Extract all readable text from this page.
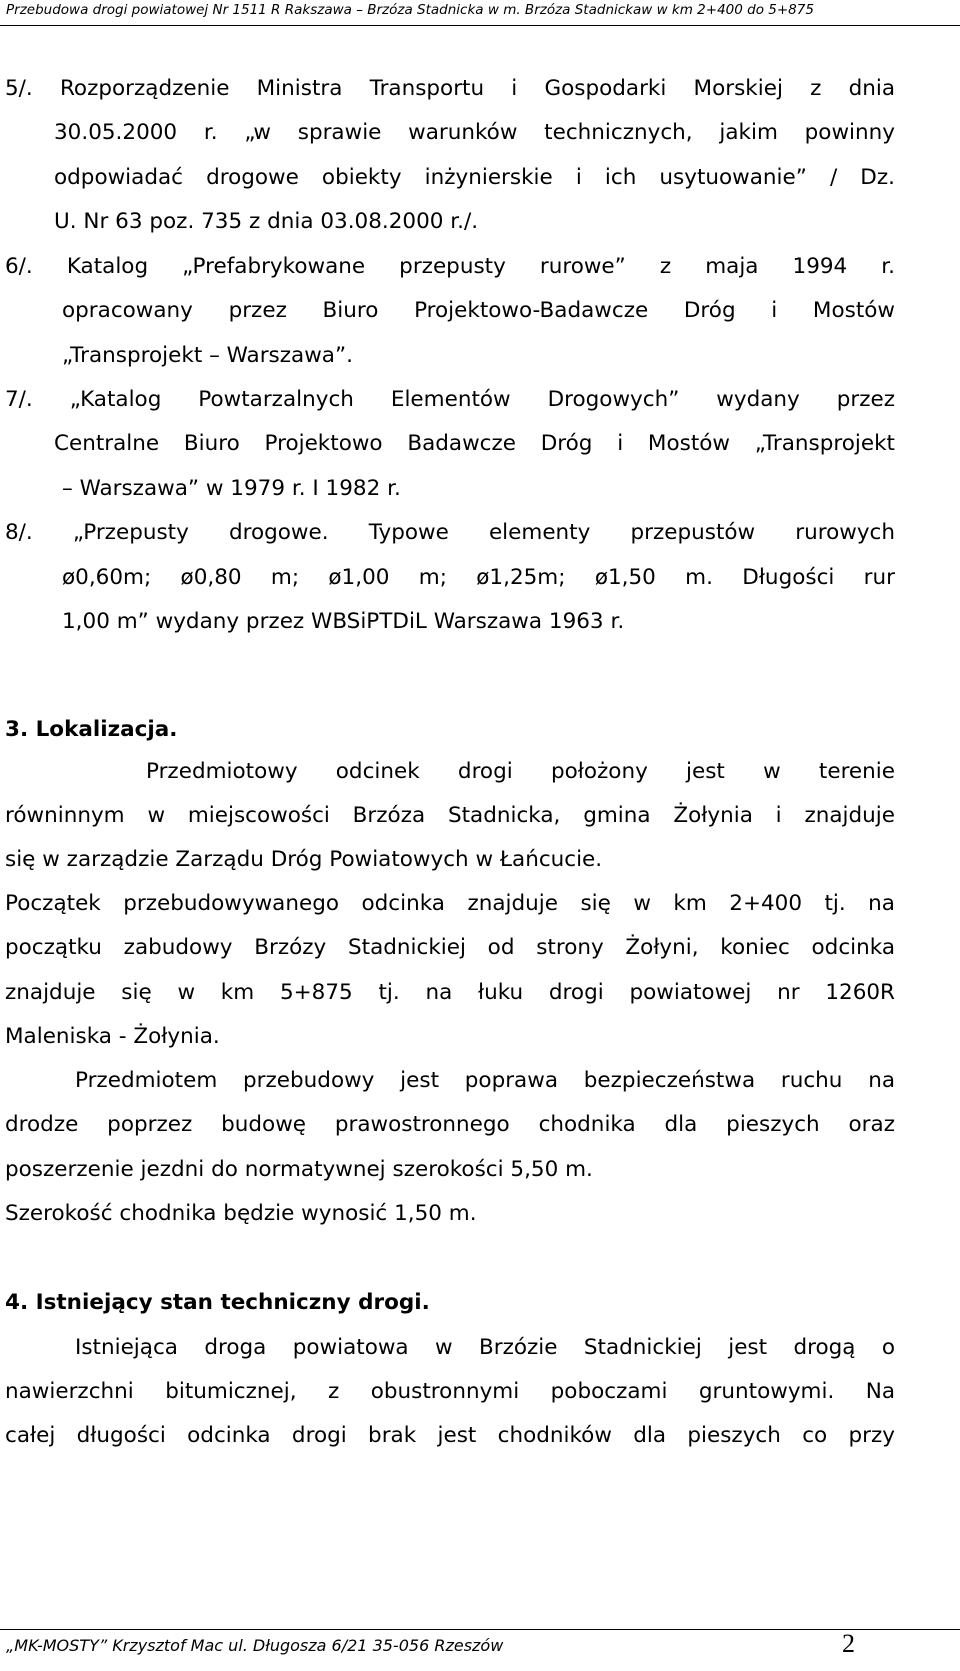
Przebudowa drogi powiatowej Nr 1511 R Rakszawa – Brzóza Stadnicka w m. Brzóza Stadnickaw w km 2+400 do 5+875
5/. Rozporządzenie Ministra Transportu i Gospodarki Morskiej z dnia
30.05.2000 r. „w sprawie warunków technicznych, jakim powinny
odpowiadać drogowe obiekty inżynierskie i ich usytuowanie” / Dz.
U. Nr 63 poz. 735 z dnia 03.08.2000 r./.
6/. Katalog „Prefabrykowane przepusty rurowe” z maja 1994 r.
opracowany przez Biuro Projektowo-Badawcze Dróg i Mostów
„Transprojekt – Warszawa”.
7/. „Katalog Powtarzalnych Elementów Drogowych” wydany przez
Centralne Biuro Projektowo Badawcze Dróg i Mostów „Transprojekt
– Warszawa” w 1979 r. I 1982 r.
8/. „Przepusty drogowe. Typowe elementy przepustów rurowych
ø0,60m; ø0,80 m; ø1,00 m; ø1,25m; ø1,50 m. Długości rur
1,00 m” wydany przez WBSiPTDiL Warszawa 1963 r.
3. Lokalizacja.
Przedmiotowy odcinek drogi położony jest w terenie
równinnym w miejscowości Brzóza Stadnicka, gmina Żołynia i znajduje
się w zarządzie Zarządu Dróg Powiatowych w Łańcucie.
Początek przebudowywanego odcinka znajduje się w km 2+400 tj. na
początku zabudowy Brzózy Stadnickiej od strony Żołyni, koniec odcinka
znajduje się w km 5+875 tj. na łuku drogi powiatowej nr 1260R
Maleniska - Żołynia.
Przedmiotem przebudowy jest poprawa bezpieczeństwa ruchu na
drodze poprzez budowę prawostronnego chodnika dla pieszych oraz
poszerzenie jezdni do normatywnej szerokości 5,50 m.
Szerokość chodnika będzie wynosić 1,50 m.
4. Istniejący stan techniczny drogi.
Istniejąca droga powiatowa w Brzózie Stadnickiej jest drogą o
nawierzchni bitumicznej, z obustronnymi poboczami gruntowymi. Na
całej długości odcinka drogi brak jest chodników dla pieszych co przy
„MK-MOSTY” Krzysztof Mac ul. Długosza 6/21 35-056 Rzeszów	2
